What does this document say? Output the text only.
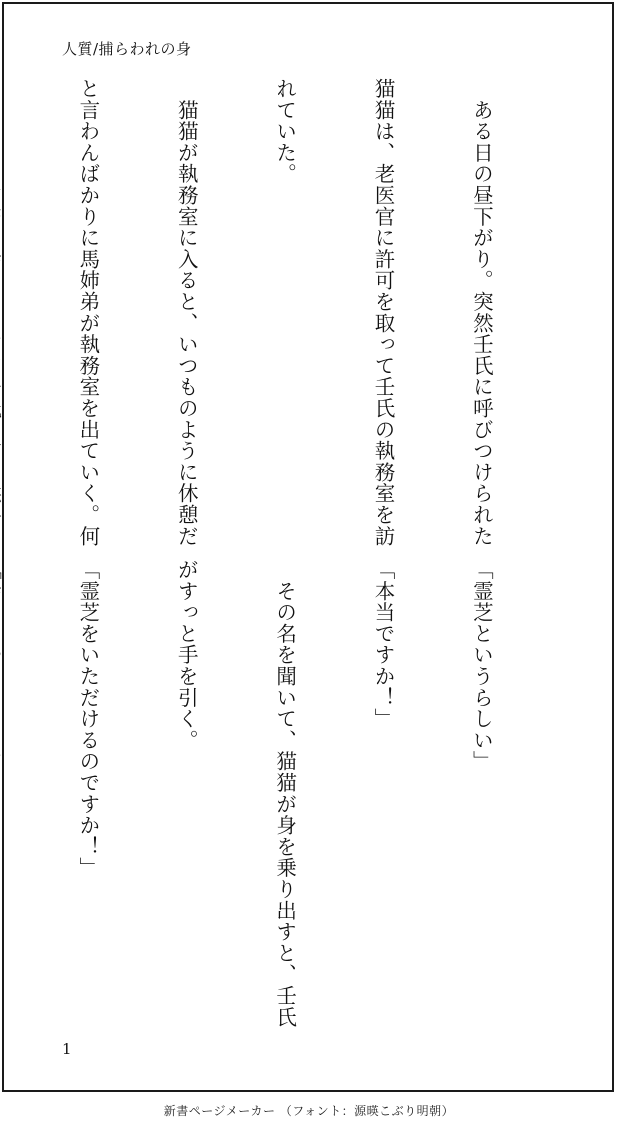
人質/捕らわれの身

　ある日の昼下がり。突然壬氏に呼びつけられた

猫猫は、老医官に許可を取って壬氏の執務室を訪

れていた。

　猫猫が執務室に入ると、いつものように休憩だ

と言わんばかりに馬姉弟が執務室を出ていく。何

「霊芝というらしい」

「本当ですか！」

　その名を聞いて、猫猫が身を乗り出すと、壬氏

がすっと手を引く。

「霊芝をいただけるのですか！」

1
新書ページメーカー （フォント：源暎こぶり明朝）
